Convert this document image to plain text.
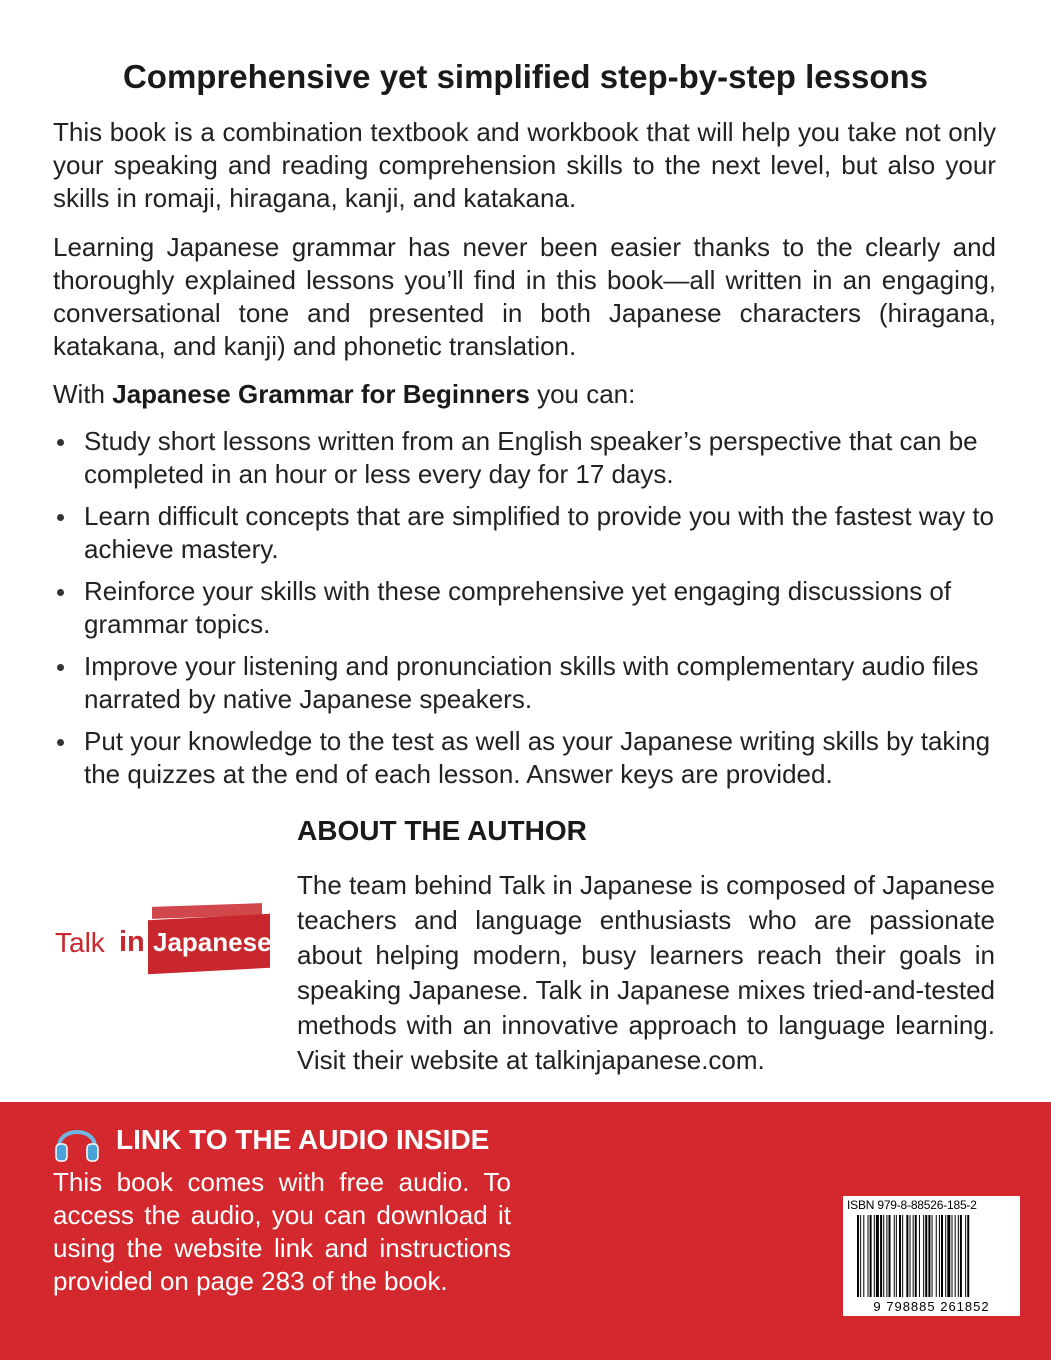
Comprehensive yet simplified step-by-step lessons
This book is a combination textbook and workbook that will help you take not only your speaking and reading comprehension skills to the next level, but also your skills in romaji, hiragana, kanji, and katakana.
Learning Japanese grammar has never been easier thanks to the clearly and thoroughly explained lessons you’ll find in this book—all written in an engaging, conversational tone and presented in both Japanese characters (hiragana, katakana, and kanji) and phonetic translation.
With Japanese Grammar for Beginners you can:
Study short lessons written from an English speaker’s perspective that can be completed in an hour or less every day for 17 days.
Learn difficult concepts that are simplified to provide you with the fastest way to achieve mastery.
Reinforce your skills with these comprehensive yet engaging discussions of grammar topics.
Improve your listening and pronunciation skills with complementary audio files narrated by native Japanese speakers.
Put your knowledge to the test as well as your Japanese writing skills by taking the quizzes at the end of each lesson. Answer keys are provided.
ABOUT THE AUTHOR
The team behind Talk in Japanese is composed of Japanese teachers and language enthusiasts who are passionate about helping modern, busy learners reach their goals in speaking Japanese. Talk in Japanese mixes tried-and-tested methods with an innovative approach to language learning. Visit their website at talkinjapanese.com.
Talk in Japanese
LINK TO THE AUDIO INSIDE
This book comes with free audio. To access the audio, you can download it using the website link and instructions provided on page 283 of the book.
ISBN 979-8-88526-185-2
9 798885 261852
